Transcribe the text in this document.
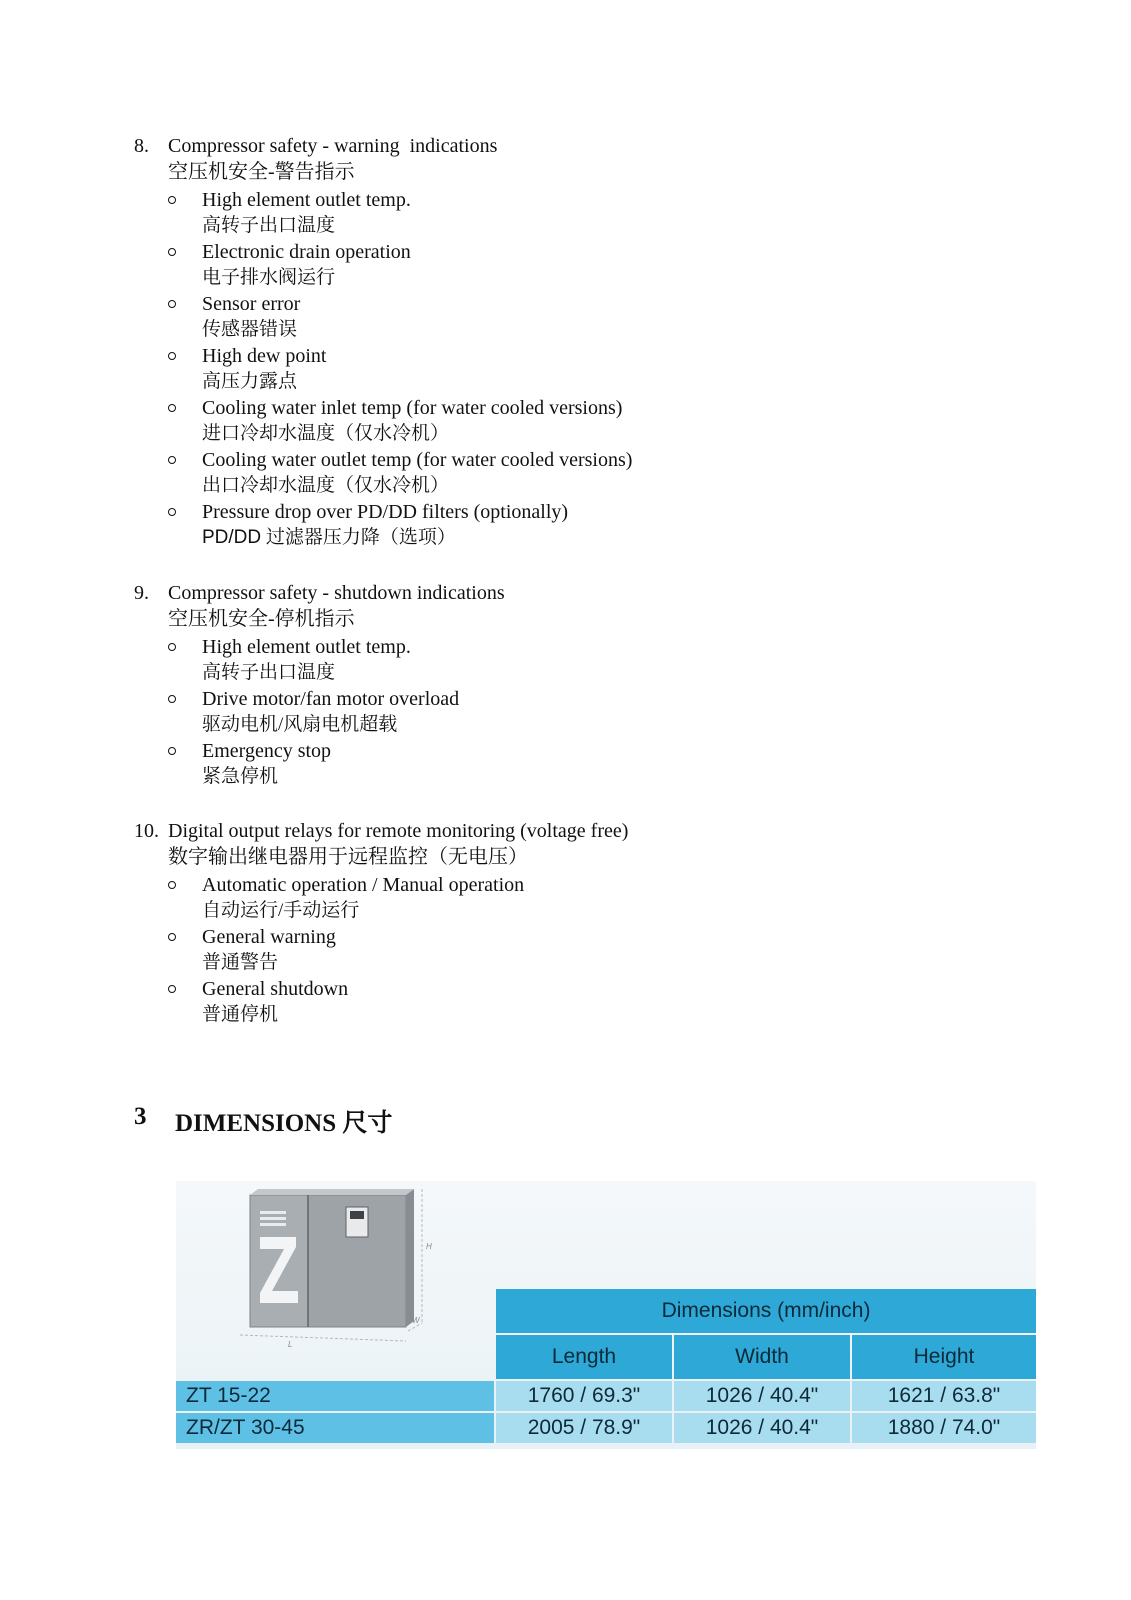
8. Compressor safety - warning  indications
空压机安全-警告指示
High element outlet temp.
高转子出口温度
Electronic drain operation
电子排水阀运行
Sensor error
传感器错误
High dew point
高压力露点
Cooling water inlet temp (for water cooled versions)
进口冷却水温度（仅水冷机）
Cooling water outlet temp (for water cooled versions)
出口冷却水温度（仅水冷机）
Pressure drop over PD/DD filters (optionally)
PD/DD 过滤器压力降（选项）
9. Compressor safety - shutdown indications
空压机安全-停机指示
High element outlet temp.
高转子出口温度
Drive motor/fan motor overload
驱动电机/风扇电机超载
Emergency stop
紧急停机
10. Digital output relays for remote monitoring (voltage free)
数字输出继电器用于远程监控（无电压）
Automatic operation / Manual operation
自动运行/手动运行
General warning
普通警告
General shutdown
普通停机
3	DIMENSIONS 尺寸
H
L
W	Dimensions (mm/inch)
Length	Width	Height
ZT 15-22	1760 / 69.3"	1026 / 40.4"	1621 / 63.8"
ZR/ZT 30-45	2005 / 78.9"	1026 / 40.4"	1880 / 74.0"
